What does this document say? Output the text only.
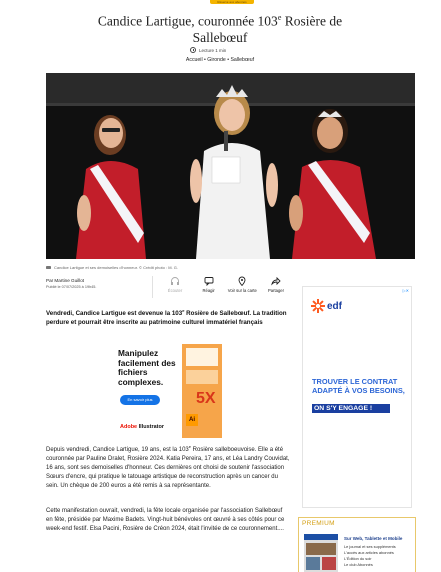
Réservé aux abonnés
Candice Lartigue, couronnée 103e Rosière de Sallebœuf
Lecture 1 min
Accueil • Gironde • Sallebœuf
Candice Lartigue et ses demoiselles d'honneur. © Crédit photo : M. G.
Par Martine Guillot
Publié le 07/07/2025 à 19h45.
Écouter	Réagir	Voir sur la carte	Partager

Vendredi, Candice Lartigue est devenue la 103e Rosière de Sallebœuf. La tradition perdure et pourrait être inscrite au patrimoine culturel immatériel français

Manipulez facilement des fichiers complexes.
En savoir plus
Adobe Illustrator
5X
Ai

Depuis vendredi, Candice Lartigue, 19 ans, est la 103e Rosière salleboeuvoise. Elle a été couronnée par Pauline Dralet, Rosière 2024. Katia Pereira, 17 ans, et Léa Landry Couvidat, 16 ans, sont ses demoiselles d'honneur. Ces dernières ont choisi de soutenir l'association Sœurs d'encre, qui pratique le tatouage artistique de reconstruction après un cancer du sein. Un chèque de 200 euros a été remis à sa représentante.

Cette manifestation ouvrait, vendredi, la fête locale organisée par l'association Sallebœuf en fête, présidée par Maxime Badets. Vingt-huit bénévoles ont œuvré à ses côtés pour ce week-end festif. Elsa Pacini, Rosière de Créon 2024, était l'invitée de ce couronnement....

▷✕
edf
TROUVER LE CONTRAT ADAPTÉ À VOS BESOINS,
ON S'Y ENGAGE !
PREMIUM
Sur Web, Tablette et Mobile
Le journal et ses suppléments
L'accès aux articles abonnés
L'Édition du soir
Le club Abonnés
